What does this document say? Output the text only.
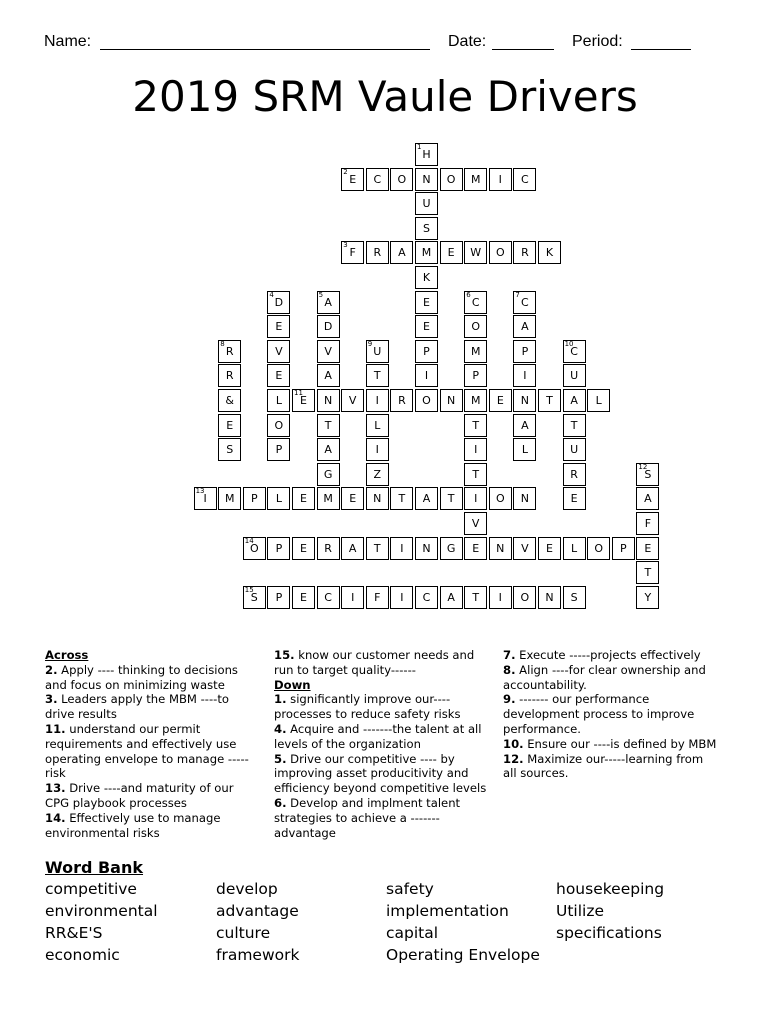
Name:	Date:	Period:
2019 SRM Vaule Drivers
1
H
N
U
S
M
K
E
E
P
I
O
2
E	C	O	O	M	I	C
3
F	R	A	E	W	O	R	K
4
D
E
V
E
L
O
P
5
A
D
V
A
N
T
A
G
M
6
C
O
M
P
M
T
I
T
I
V
E
7
C
A
P
I
N
A
L
8
R
R
&
E
S
9
U
T
I
L
I
Z
10
C
U
A
T
U
R
E
11
E	V	R	N	E	T	L
12
S
A
F
E
T
Y
13
I	M	P	L	E	E	N	T	A	T	O	N
14
O	P	E	R	A	T	I	N	G	N	V	E	L	O	P
15
S	P	E	C	I	F	I	C	A	T	I	O	N	S
Across
2. Apply ---- thinking to decisions and focus on minimizing waste
3. Leaders apply the MBM ----to drive results
11. understand our permit requirements and effectively use operating envelope to manage -----risk
13. Drive ----and maturity of our CPG playbook processes
14. Effectively use to manage environmental risks
15. know our customer needs and run to target quality------
Down
1. significantly improve our---- processes to reduce safety risks
4. Acquire and -------the talent at all levels of the organization
5. Drive our competitive ---- by improving asset producitivity and efficiency beyond competitive levels
6. Develop and implment talent strategies to achieve a ------- advantage
7. Execute -----projects effectively
8. Align ----for clear ownership and accountability.
9. ------- our performance development process to improve performance.
10. Ensure our ----is defined by MBM
12. Maximize our-----learning from all sources.
Word Bank
competitive	develop	safety	housekeeping
environmental	advantage	implementation	Utilize
RR&E'S	culture	capital	specifications
economic	framework	Operating Envelope
